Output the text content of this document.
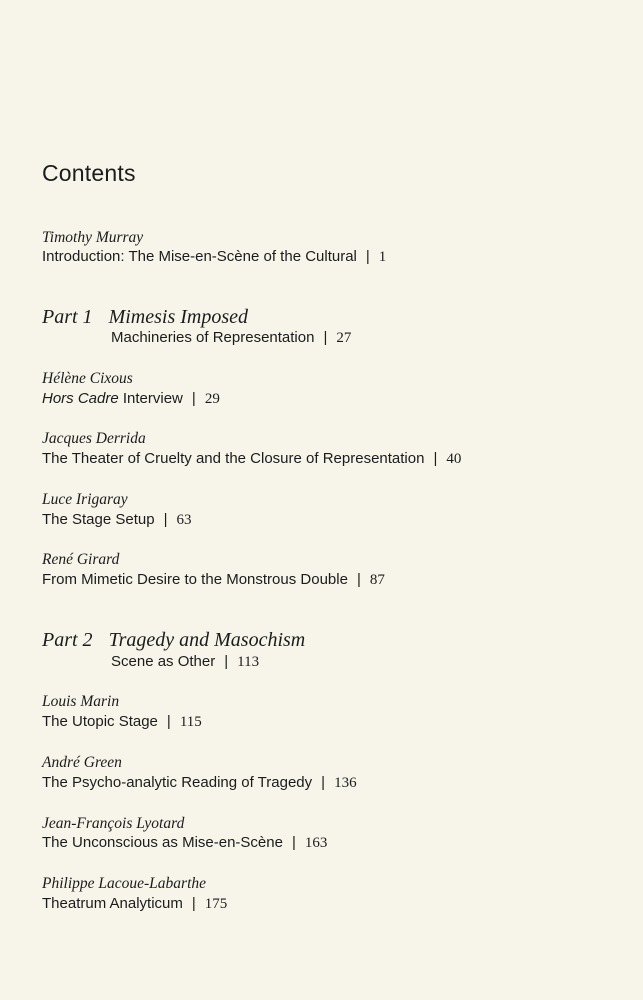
Contents
Timothy Murray
Introduction: The Mise-en-Scène of the Cultural | 1
Part 1 Mimesis Imposed
Machineries of Representation | 27
Hélène Cixous
Hors Cadre Interview | 29
Jacques Derrida
The Theater of Cruelty and the Closure of Representation | 40
Luce Irigaray
The Stage Setup | 63
René Girard
From Mimetic Desire to the Monstrous Double | 87
Part 2 Tragedy and Masochism
Scene as Other | 113
Louis Marin
The Utopic Stage | 115
André Green
The Psycho-analytic Reading of Tragedy | 136
Jean-François Lyotard
The Unconscious as Mise-en-Scène | 163
Philippe Lacoue-Labarthe
Theatrum Analyticum | 175
